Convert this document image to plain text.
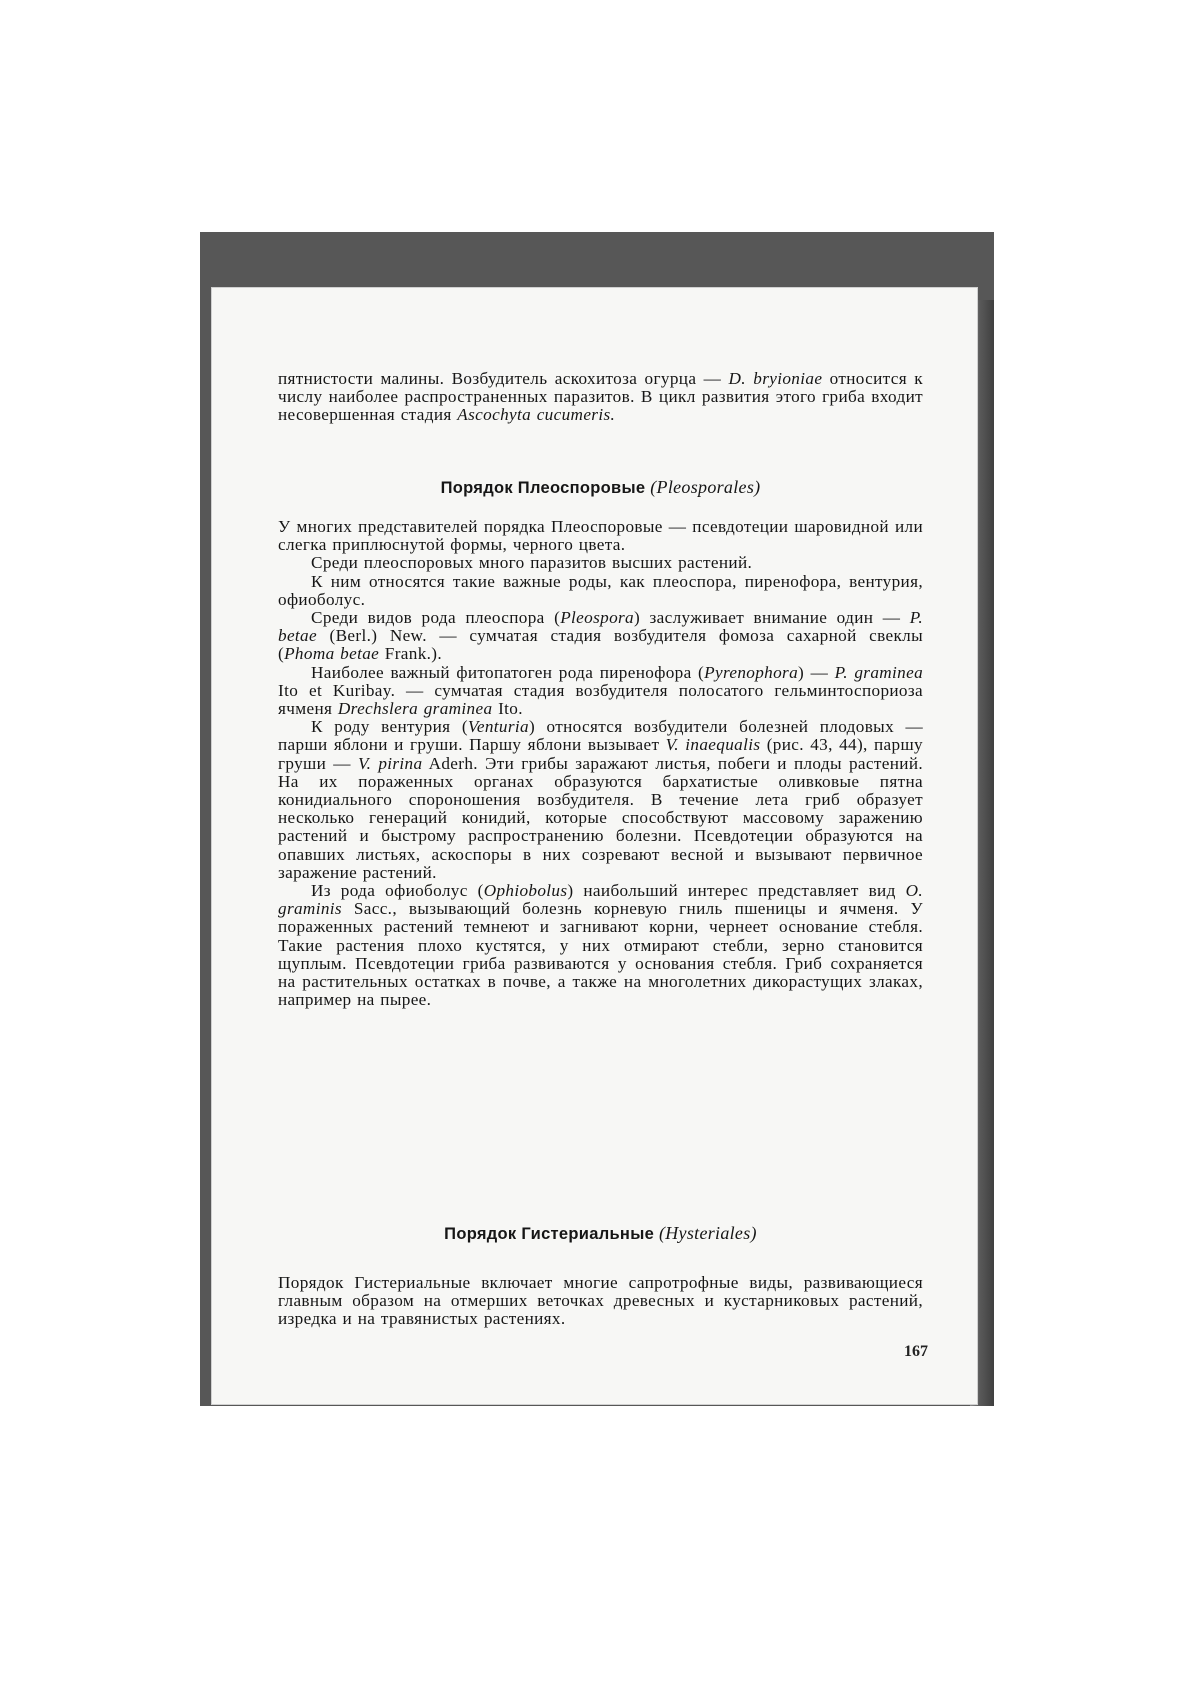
пятнистости малины. Возбудитель аскохитоза огурца — D. bryioniae относится к числу наиболее распространенных паразитов. В цикл развития этого гриба входит несовершенная стадия Ascochyta cucumeris.

Порядок Плеоспоровые (Pleosporales)

У многих представителей порядка Плеоспоровые — псевдотеции шаровидной или слегка приплюснутой формы, черного цвета.

Среди плеоспоровых много паразитов высших растений.

К ним относятся такие важные роды, как плеоспора, пиренофора, вентурия, офиоболус.

Среди видов рода плеоспора (Pleospora) заслуживает внимание один — P. betae (Berl.) New. — сумчатая стадия возбудителя фомоза сахарной свеклы (Phoma betae Frank.).

Наиболее важный фитопатоген рода пиренофора (Pyrenophora) — P. graminea Ito et Kuribay. — сумчатая стадия возбудителя полосатого гельминтоспориоза ячменя Drechslera graminea Ito.

К роду вентурия (Venturia) относятся возбудители болезней плодовых — парши яблони и груши. Паршу яблони вызывает V. inaequalis (рис. 43, 44), паршу груши — V. pirina Aderh. Эти грибы заражают листья, побеги и плоды растений. На их пораженных органах образуются бархатистые оливковые пятна конидиального спороношения возбудителя. В течение лета гриб образует несколько генераций конидий, которые способствуют массовому заражению растений и быстрому распространению болезни. Псевдотеции образуются на опавших листьях, аскоспоры в них созревают весной и вызывают первичное заражение растений.

Из рода офиоболус (Ophiobolus) наибольший интерес представляет вид O. graminis Sacc., вызывающий болезнь корневую гниль пшеницы и ячменя. У пораженных растений темнеют и загнивают корни, чернеет основание стебля. Такие растения плохо кустятся, у них отмирают стебли, зерно становится щуплым. Псевдотеции гриба развиваются у основания стебля. Гриб сохраняется на растительных остатках в почве, а также на многолетних дикорастущих злаках, например на пырее.

Порядок Гистериальные (Hysteriales)

Порядок Гистериальные включает многие сапротрофные виды, развивающиеся главным образом на отмерших веточках древесных и кустарниковых растений, изредка и на травянистых растениях.

167
